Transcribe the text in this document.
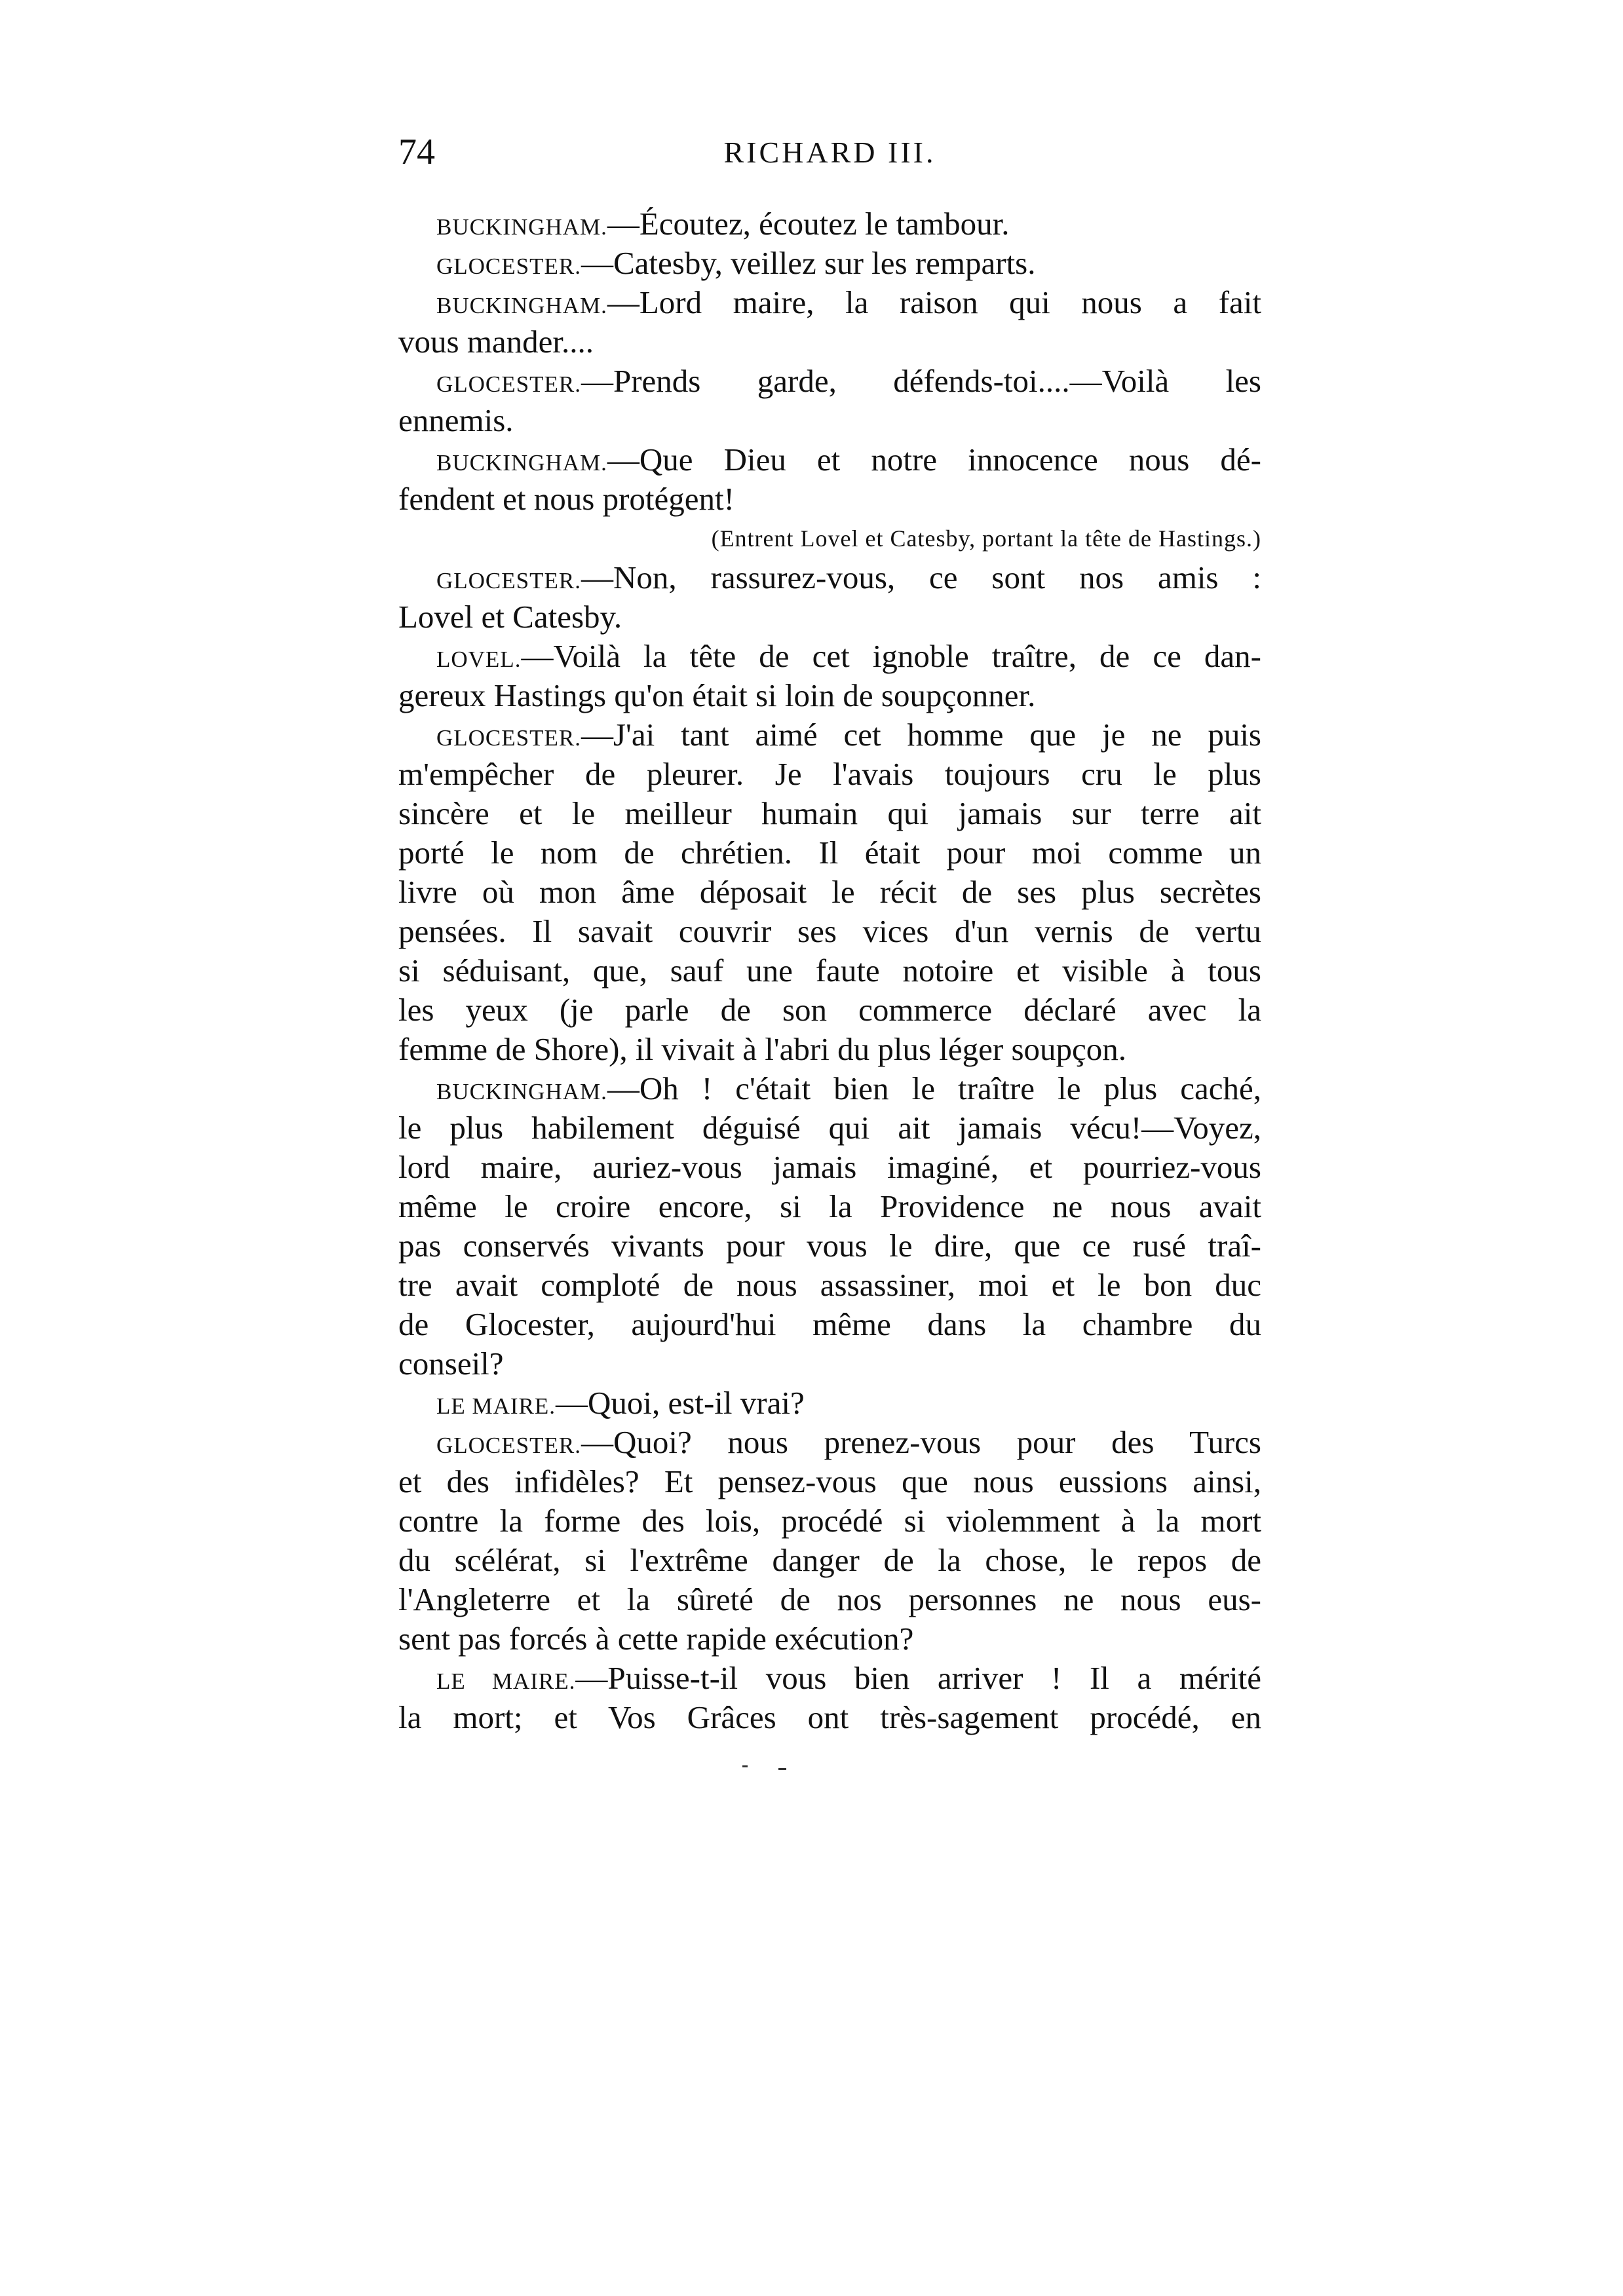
74	RICHARD III.
BUCKINGHAM.—Écoutez, écoutez le tambour.
GLOCESTER.—Catesby, veillez sur les remparts.
BUCKINGHAM.—Lord maire, la raison qui nous a fait
vous mander....
GLOCESTER.—Prends garde, défends-toi....—Voilà les
ennemis.
BUCKINGHAM.—Que Dieu et notre innocence nous dé-
fendent et nous protégent!
(Entrent Lovel et Catesby, portant la tête de Hastings.)
GLOCESTER.—Non, rassurez-vous, ce sont nos amis :
Lovel et Catesby.
LOVEL.—Voilà la tête de cet ignoble traître, de ce dan-
gereux Hastings qu'on était si loin de soupçonner.
GLOCESTER.—J'ai tant aimé cet homme que je ne puis
m'empêcher de pleurer. Je l'avais toujours cru le plus
sincère et le meilleur humain qui jamais sur terre ait
porté le nom de chrétien. Il était pour moi comme un
livre où mon âme déposait le récit de ses plus secrètes
pensées. Il savait couvrir ses vices d'un vernis de vertu
si séduisant, que, sauf une faute notoire et visible à tous
les yeux (je parle de son commerce déclaré avec la
femme de Shore), il vivait à l'abri du plus léger soupçon.
BUCKINGHAM.—Oh ! c'était bien le traître le plus caché,
le plus habilement déguisé qui ait jamais vécu!—Voyez,
lord maire, auriez-vous jamais imaginé, et pourriez-vous
même le croire encore, si la Providence ne nous avait
pas conservés vivants pour vous le dire, que ce rusé traî-
tre avait comploté de nous assassiner, moi et le bon duc
de Glocester, aujourd'hui même dans la chambre du
conseil?
LE MAIRE.—Quoi, est-il vrai?
GLOCESTER.—Quoi? nous prenez-vous pour des Turcs
et des infidèles? Et pensez-vous que nous eussions ainsi,
contre la forme des lois, procédé si violemment à la mort
du scélérat, si l'extrême danger de la chose, le repos de
l'Angleterre et la sûreté de nos personnes ne nous eus-
sent pas forcés à cette rapide exécution?
LE MAIRE.—Puisse-t-il vous bien arriver ! Il a mérité
la mort; et Vos Grâces ont très-sagement procédé, en
